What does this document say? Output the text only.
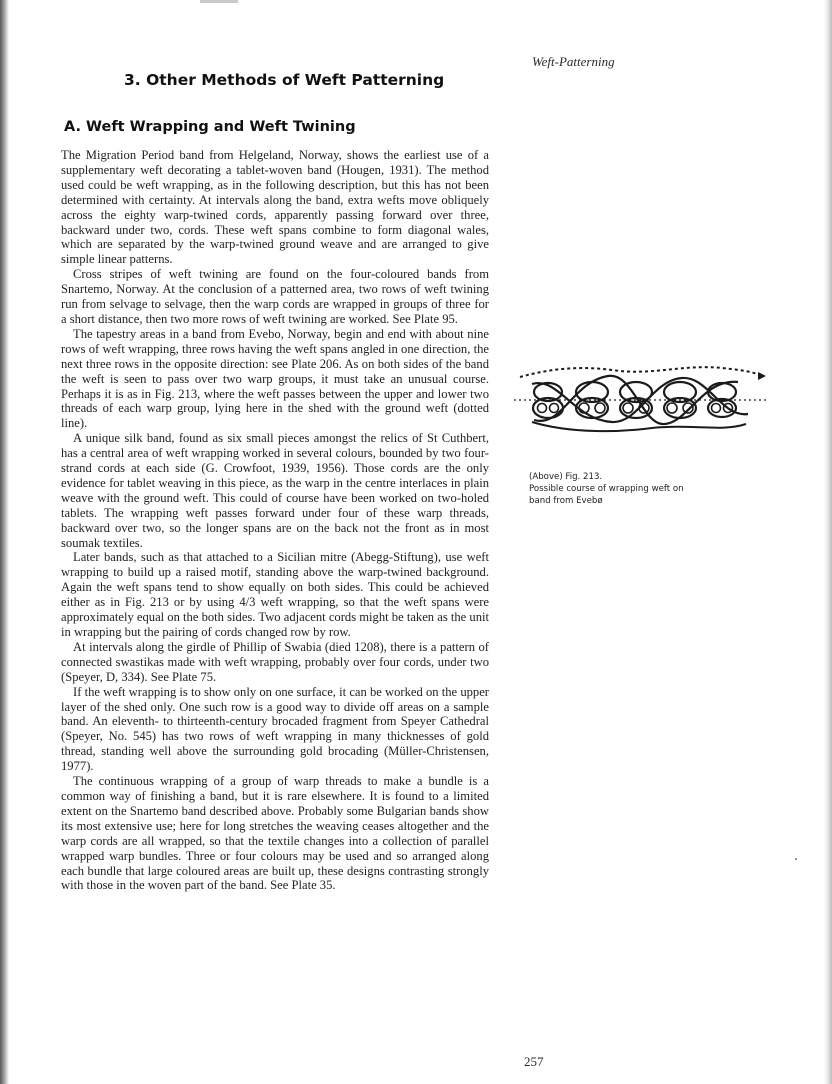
Weft-Patterning
3. Other Methods of Weft Patterning
A. Weft Wrapping and Weft Twining

The Migration Period band from Helgeland, Norway, shows the earliest use of a supplementary weft decorating a tablet-woven band (Hougen, 1931). The method used could be weft wrapping, as in the following description, but this has not been determined with certainty. At intervals along the band, extra wefts move obliquely across the eighty warp-twined cords, apparently passing forward over three, backward under two, cords. These weft spans combine to form diagonal wales, which are separated by the warp-twined ground weave and are arranged to give simple linear patterns.

Cross stripes of weft twining are found on the four-coloured bands from Snartemo, Norway. At the conclusion of a patterned area, two rows of weft twining run from selvage to selvage, then the warp cords are wrapped in groups of three for a short distance, then two more rows of weft twining are worked. See Plate 95.

The tapestry areas in a band from Evebo, Norway, begin and end with about nine rows of weft wrapping, three rows having the weft spans angled in one direction, the next three rows in the opposite direction: see Plate 206. As on both sides of the band the weft is seen to pass over two warp groups, it must take an unusual course. Perhaps it is as in Fig. 213, where the weft passes between the upper and lower two threads of each warp group, lying here in the shed with the ground weft (dotted line).

A unique silk band, found as six small pieces amongst the relics of St Cuthbert, has a central area of weft wrapping worked in several colours, bounded by two four-strand cords at each side (G. Crowfoot, 1939, 1956). Those cords are the only evidence for tablet weaving in this piece, as the warp in the centre interlaces in plain weave with the ground weft. This could of course have been worked on two-holed tablets. The wrapping weft passes forward under four of these warp threads, backward over two, so the longer spans are on the back not the front as in most soumak textiles.

Later bands, such as that attached to a Sicilian mitre (Abegg-Stiftung), use weft wrapping to build up a raised motif, standing above the warp-twined background. Again the weft spans tend to show equally on both sides. This could be achieved either as in Fig. 213 or by using 4/3 weft wrapping, so that the weft spans were approximately equal on the both sides. Two adjacent cords might be taken as the unit in wrapping but the pairing of cords changed row by row.

At intervals along the girdle of Phillip of Swabia (died 1208), there is a pattern of connected swastikas made with weft wrapping, probably over four cords, under two (Speyer, D, 334). See Plate 75.

If the weft wrapping is to show only on one surface, it can be worked on the upper layer of the shed only. One such row is a good way to divide off areas on a sample band. An eleventh- to thirteenth-century brocaded fragment from Speyer Cathedral (Speyer, No. 545) has two rows of weft wrapping in many thicknesses of gold thread, standing well above the surrounding gold brocading (Müller-Christensen, 1977).

The continuous wrapping of a group of warp threads to make a bundle is a common way of finishing a band, but it is rare elsewhere. It is found to a limited extent on the Snartemo band described above. Probably some Bulgarian bands show its most extensive use; here for long stretches the weaving ceases altogether and the warp cords are all wrapped, so that the textile changes into a collection of parallel wrapped warp bundles. Three or four colours may be used and so arranged along each bundle that large coloured areas are built up, these designs contrasting strongly with those in the woven part of the band. See Plate 35.

(Above) Fig. 213.
Possible course of wrapping weft on
band from Evebø
257
